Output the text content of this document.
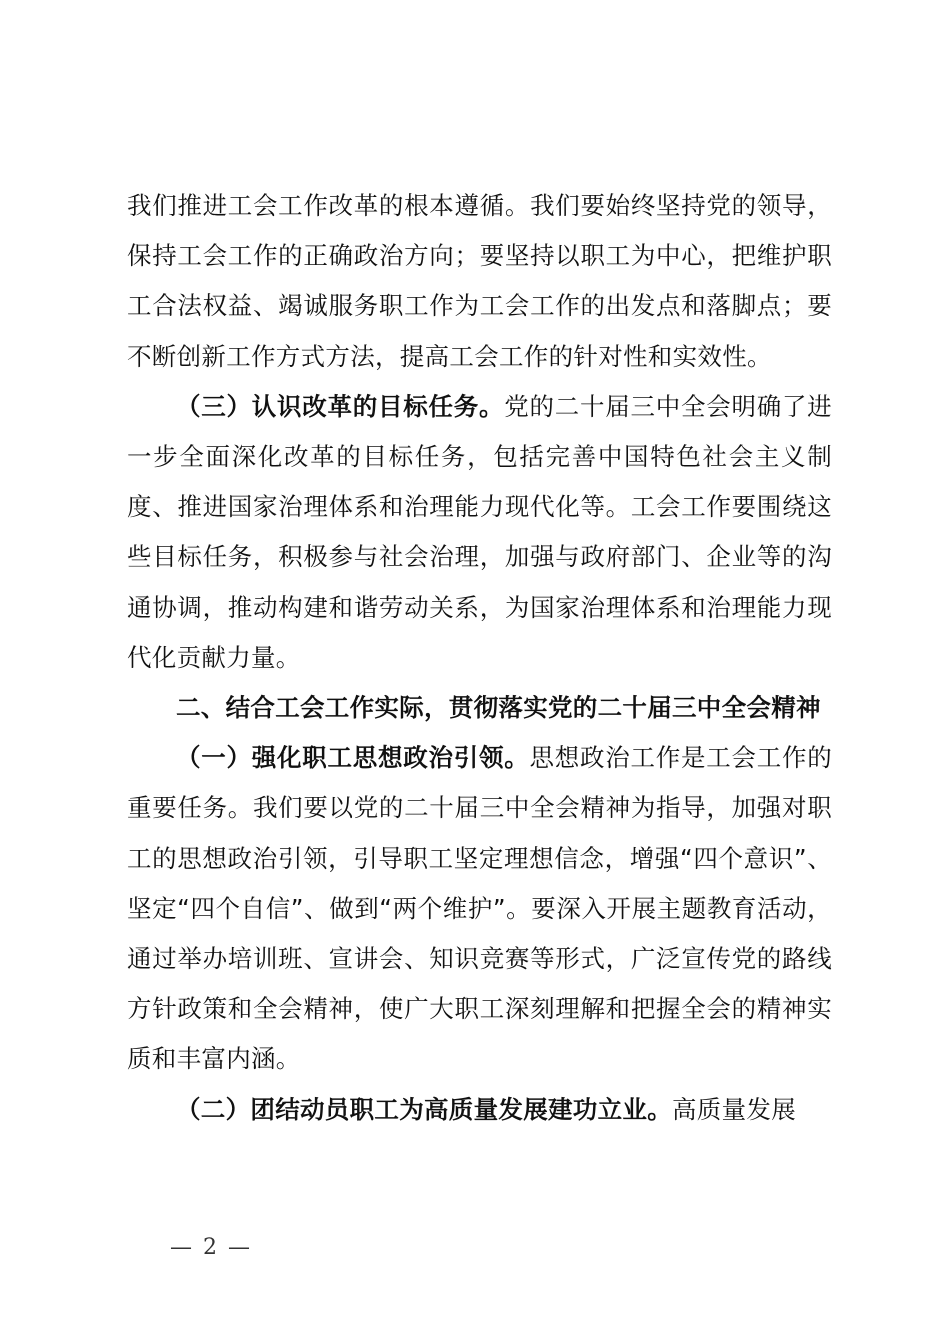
我们推进工会工作改革的根本遵循。我们要始终坚持党的领导，保持工会工作的正确政治方向；要坚持以职工为中心，把维护职工合法权益、竭诚服务职工作为工会工作的出发点和落脚点；要不断创新工作方式方法，提高工会工作的针对性和实效性。

（三）认识改革的目标任务。党的二十届三中全会明确了进一步全面深化改革的目标任务，包括完善中国特色社会主义制度、推进国家治理体系和治理能力现代化等。工会工作要围绕这些目标任务，积极参与社会治理，加强与政府部门、企业等的沟通协调，推动构建和谐劳动关系，为国家治理体系和治理能力现代化贡献力量。

二、结合工会工作实际，贯彻落实党的二十届三中全会精神

（一）强化职工思想政治引领。思想政治工作是工会工作的重要任务。我们要以党的二十届三中全会精神为指导，加强对职工的思想政治引领，引导职工坚定理想信念，增强“四个意识”、坚定“四个自信”、做到“两个维护”。要深入开展主题教育活动，通过举办培训班、宣讲会、知识竞赛等形式，广泛宣传党的路线方针政策和全会精神，使广大职工深刻理解和把握全会的精神实质和丰富内涵。

（二）团结动员职工为高质量发展建功立业。高质量发展

— 2 —
